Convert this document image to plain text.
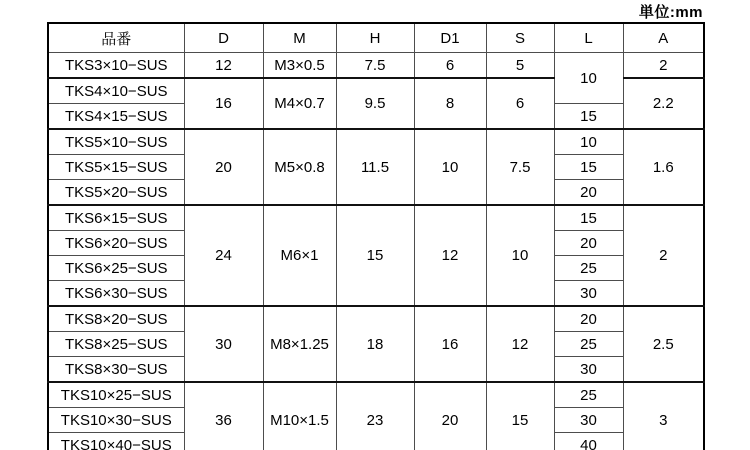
単位:mm
品番	D	M	H	D1	S	L	A
TKS3×10−SUS	12	M3×0.5	7.5	6	5	10	2
TKS4×10−SUS	16	M4×0.7	9.5	8	6		2.2
TKS4×15−SUS						15	
TKS5×10−SUS	20	M5×0.8	11.5	10	7.5	10	1.6
TKS5×15−SUS						15	
TKS5×20−SUS						20	
TKS6×15−SUS	24	M6×1	15	12	10	15	2
TKS6×20−SUS						20	
TKS6×25−SUS						25	
TKS6×30−SUS						30	
TKS8×20−SUS	30	M8×1.25	18	16	12	20	2.5
TKS8×25−SUS						25	
TKS8×30−SUS						30	
TKS10×25−SUS	36	M10×1.5	23	20	15	25	3
TKS10×30−SUS						30	
TKS10×40−SUS						40	
